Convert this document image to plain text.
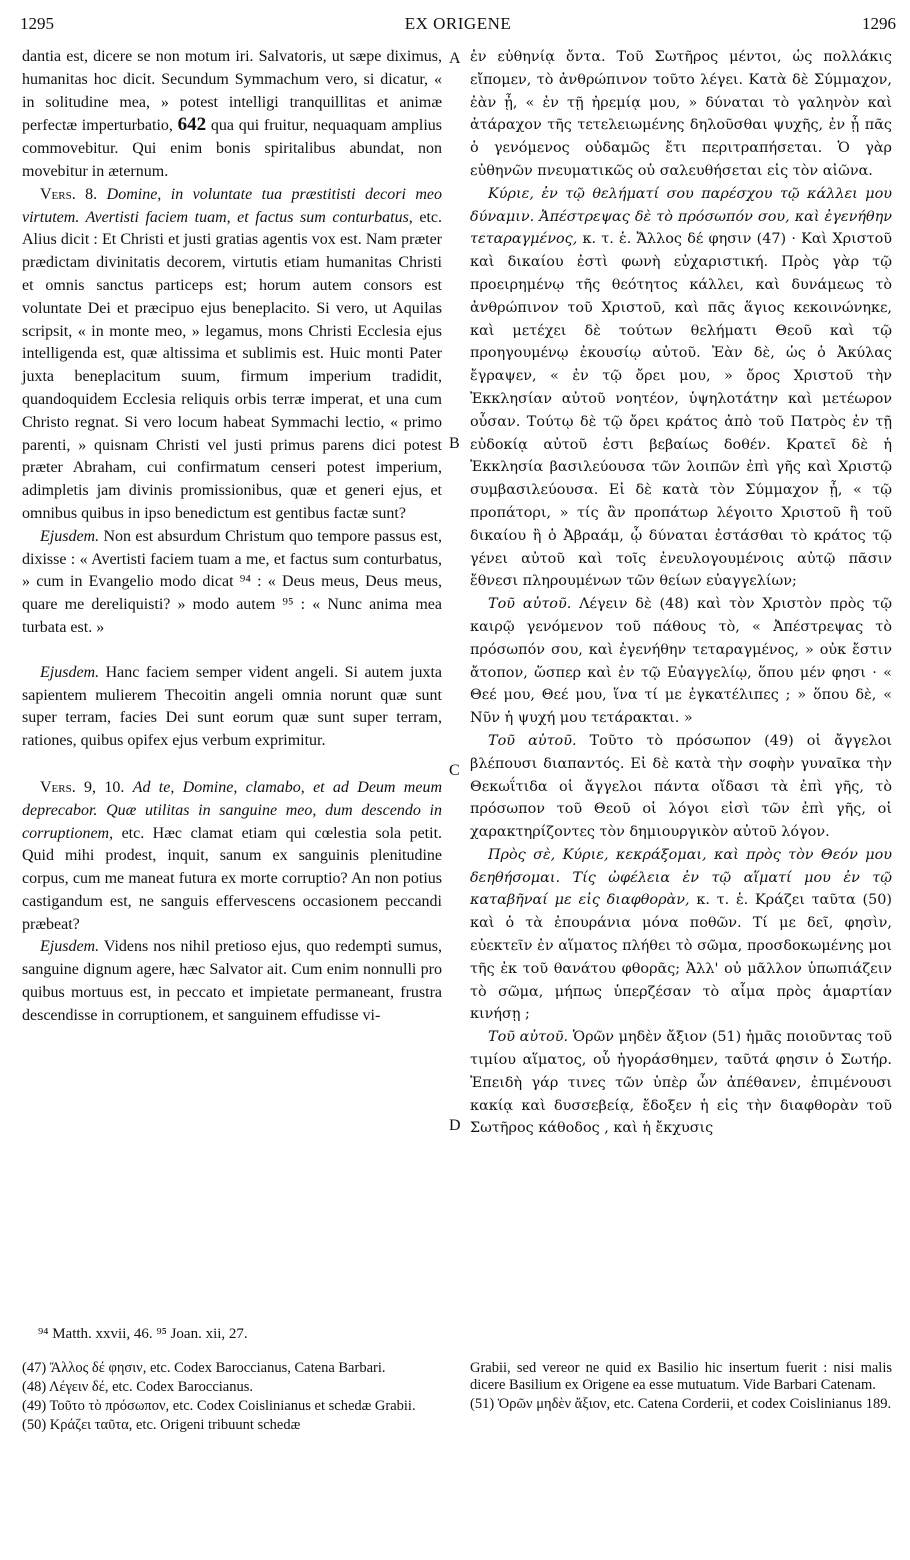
1295	EX ORIGENE	1296
A
B
C
D

dantia est, dicere se non motum iri. Salvatoris, ut sæpe diximus, humanitas hoc dicit. Secundum Symmachum vero, si dicatur, « in solitudine mea, » potest intelligi tranquillitas et animæ perfectæ imperturbatio, 642 qua qui fruitur, nequaquam amplius commovebitur. Qui enim bonis spiritalibus abundat, non movebitur in æternum.

Vers. 8. Domine, in voluntate tua præstitisti decori meo virtutem. Avertisti faciem tuam, et factus sum conturbatus, etc. Alius dicit : Et Christi et justi gratias agentis vox est. Nam præter prædictam divinitatis decorem, virtutis etiam humanitas Christi et omnis sanctus particeps est; horum autem consors est voluntate Dei et præcipuo ejus beneplacito. Si vero, ut Aquilas scripsit, « in monte meo, » legamus, mons Christi Ecclesia ejus intelligenda est, quæ altissima et sublimis est. Huic monti Pater juxta beneplacitum suum, firmum imperium tradidit, quandoquidem Ecclesia reliquis orbis terræ imperat, et una cum Christo regnat. Si vero locum habeat Symmachi lectio, « primo parenti, » quisnam Christi vel justi primus parens dici potest præter Abraham, cui confirmatum censeri potest imperium, adimpletis jam divinis promissionibus, quæ et generi ejus, et omnibus quibus in ipso benedictum est gentibus factæ sunt?

Ejusdem. Non est absurdum Christum quo tempore passus est, dixisse : « Avertisti faciem tuam a me, et factus sum conturbatus, » cum in Evangelio modo dicat ⁹⁴ : « Deus meus, Deus meus, quare me dereliquisti? » modo autem ⁹⁵ : « Nunc anima mea turbata est. »

Ejusdem. Hanc faciem semper vident angeli. Si autem juxta sapientem mulierem Thecoitin angeli omnia norunt quæ sunt super terram, facies Dei sunt eorum quæ sunt super terram, rationes, quibus opifex ejus verbum exprimitur.

Vers. 9, 10. Ad te, Domine, clamabo, et ad Deum meum deprecabor. Quæ utilitas in sanguine meo, dum descendo in corruptionem, etc. Hæc clamat etiam qui cœlestia sola petit. Quid mihi prodest, inquit, sanum ex sanguinis plenitudine corpus, cum me maneat futura ex morte corruptio? An non potius castigandum est, ne sanguis effervescens occasionem peccandi præbeat?

Ejusdem. Videns nos nihil pretioso ejus, quo redempti sumus, sanguine dignum agere, hæc Salvator ait. Cum enim nonnulli pro quibus mortuus est, in peccato et impietate permaneant, frustra descendisse in corruptionem, et sanguinem effudisse vi-

ἐν εὐθηνίᾳ ὄντα. Τοῦ Σωτῆρος μέντοι, ὡς πολλάκις εἴπομεν, τὸ ἀνθρώπινον τοῦτο λέγει. Κατὰ δὲ Σύμμαχον, ἐὰν ᾖ, « ἐν τῇ ἠρεμίᾳ μου, » δύναται τὸ γαληνὸν καὶ ἀτάραχον τῆς τετελειωμένης δηλοῦσθαι ψυχῆς, ἐν ᾗ πᾶς ὁ γενόμενος οὐδαμῶς ἔτι περιτραπήσεται. Ὁ γὰρ εὐθηνῶν πνευματικῶς οὐ σαλευθήσεται εἰς τὸν αἰῶνα.

Κύριε, ἐν τῷ θελήματί σου παρέσχου τῷ κάλλει μου δύναμιν. Ἀπέστρεψας δὲ τὸ πρόσωπόν σου, καὶ ἐγενήθην τεταραγμένος, κ. τ. ἑ. Ἄλλος δέ φησιν (47) · Καὶ Χριστοῦ καὶ δικαίου ἐστὶ φωνὴ εὐχαριστική. Πρὸς γὰρ τῷ προειρημένῳ τῆς θεότητος κάλλει, καὶ δυνάμεως τὸ ἀνθρώπινον τοῦ Χριστοῦ, καὶ πᾶς ἅγιος κεκοινώνηκε, καὶ μετέχει δὲ τούτων θελήματι Θεοῦ καὶ τῷ προηγουμένῳ ἐκουσίῳ αὐτοῦ. Ἐὰν δὲ, ὡς ὁ Ἀκύλας ἔγραψεν, « ἐν τῷ ὄρει μου, » ὄρος Χριστοῦ τὴν Ἐκκλησίαν αὐτοῦ νοητέον, ὑψηλοτάτην καὶ μετέωρον οὖσαν. Τούτῳ δὲ τῷ ὄρει κράτος ἀπὸ τοῦ Πατρὸς ἐν τῇ εὐδοκίᾳ αὐτοῦ ἐστι βεβαίως δοθέν. Κρατεῖ δὲ ἡ Ἐκκλησία βασιλεύουσα τῶν λοιπῶν ἐπὶ γῆς καὶ Χριστῷ συμβασιλεύουσα. Εἰ δὲ κατὰ τὸν Σύμμαχον ᾖ, « τῷ προπάτορι, » τίς ἂν προπάτωρ λέγοιτο Χριστοῦ ἢ τοῦ δικαίου ἢ ὁ Ἀβραάμ, ᾧ δύναται ἐστάσθαι τὸ κράτος τῷ γένει αὐτοῦ καὶ τοῖς ἐνευλογουμένοις αὐτῷ πᾶσιν ἔθνεσι πληρουμένων τῶν θείων εὐαγγελίων;

Τοῦ αὐτοῦ. Λέγειν δὲ (48) καὶ τὸν Χριστὸν πρὸς τῷ καιρῷ γενόμενον τοῦ πάθους τὸ, « Ἀπέστρεψας τὸ πρόσωπόν σου, καὶ ἐγενήθην τεταραγμένος, » οὐκ ἔστιν ἄτοπον, ὥσπερ καὶ ἐν τῷ Εὐαγγελίῳ, ὅπου μέν φησι · « Θεέ μου, Θεέ μου, ἵνα τί με ἐγκατέλιπες ; » ὅπου δὲ, « Νῦν ἡ ψυχή μου τετάρακται. »

Τοῦ αὐτοῦ. Τοῦτο τὸ πρόσωπον (49) οἱ ἄγγελοι βλέπουσι διαπαντός. Εἰ δὲ κατὰ τὴν σοφὴν γυναῖκα τὴν Θεκωΐτιδα οἱ ἄγγελοι πάντα οἴδασι τὰ ἐπὶ γῆς, τὸ πρόσωπον τοῦ Θεοῦ οἱ λόγοι εἰσὶ τῶν ἐπὶ γῆς, οἱ χαρακτηρίζοντες τὸν δημιουργικὸν αὐτοῦ λόγον.

Πρὸς σὲ, Κύριε, κεκράξομαι, καὶ πρὸς τὸν Θεόν μου δεηθήσομαι. Τίς ὠφέλεια ἐν τῷ αἵματί μου ἐν τῷ καταβῆναί με εἰς διαφθορὰν, κ. τ. ἑ. Κράζει ταῦτα (50) καὶ ὁ τὰ ἐπουράνια μόνα ποθῶν. Τί με δεῖ, φησὶν, εὐεκτεῖν ἐν αἵματος πλήθει τὸ σῶμα, προσδοκωμένης μοι τῆς ἐκ τοῦ θανάτου φθορᾶς; Ἀλλ' οὐ μᾶλλον ὑπωπιάζειν τὸ σῶμα, μήπως ὑπερζέσαν τὸ αἷμα πρὸς ἁμαρτίαν κινήσῃ ;

Τοῦ αὐτοῦ. Ὁρῶν μηδὲν ἄξιον (51) ἡμᾶς ποιοῦντας τοῦ τιμίου αἵματος, οὗ ἠγοράσθημεν, ταῦτά φησιν ὁ Σωτήρ. Ἐπειδὴ γάρ τινες τῶν ὑπὲρ ὧν ἀπέθανεν, ἐπιμένουσι κακίᾳ καὶ δυσσεβείᾳ, ἔδοξεν ἡ εἰς τὴν διαφθορὰν τοῦ Σωτῆρος κάθοδος , καὶ ἡ ἔκχυσις

⁹⁴ Matth. xxvii, 46. ⁹⁵ Joan. xii, 27.

(47) Ἄλλος δέ φησιν, etc. Codex Baroccianus, Catena Barbari.

(48) Λέγειν δέ, etc. Codex Baroccianus.

(49) Τοῦτο τὸ πρόσωπον, etc. Codex Coislinianus et schedæ Grabii.

(50) Κράζει ταῦτα, etc. Origeni tribuunt schedæ

Grabii, sed vereor ne quid ex Basilio hic insertum fuerit : nisi malis dicere Basilium ex Origene ea esse mutuatum. Vide Barbari Catenam.

(51) Ὁρῶν μηδὲν ἄξιον, etc. Catena Corderii, et codex Coislinianus 189.
